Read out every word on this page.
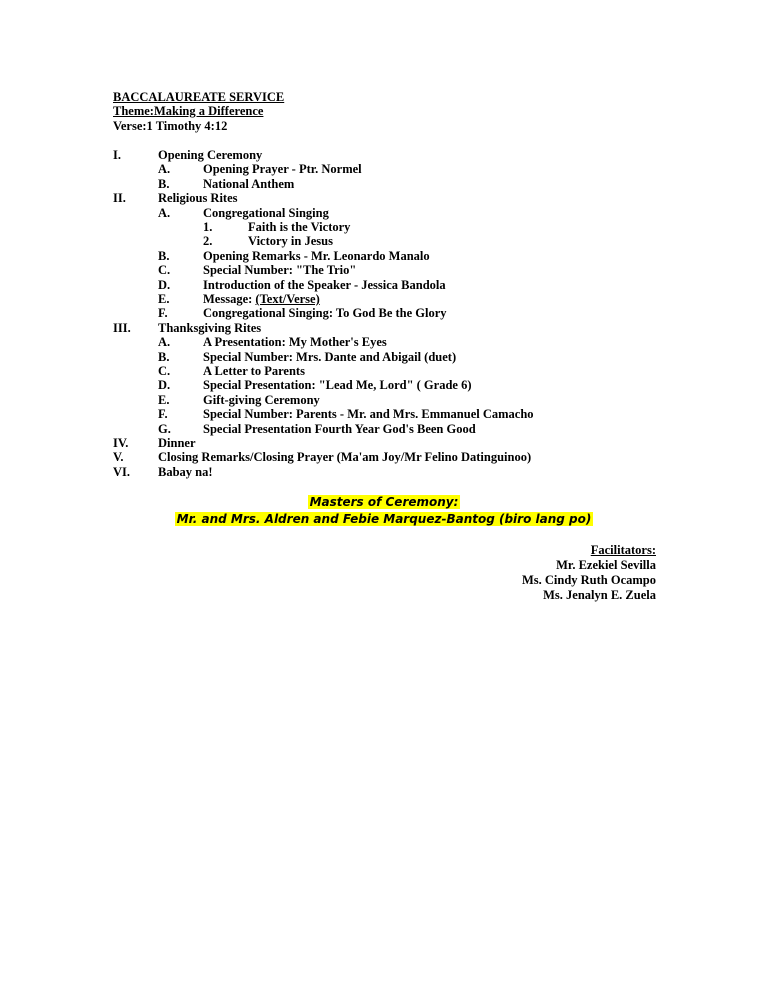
BACCALAUREATE SERVICE
Theme:Making a Difference
Verse:1 Timothy 4:12
I.	Opening Ceremony
A.	Opening Prayer - Ptr. Normel
B.	National Anthem
II.	Religious Rites
A.	Congregational Singing
1.	Faith is the Victory
2.	Victory in Jesus
B.	Opening Remarks - Mr. Leonardo Manalo
C.	Special Number: "The Trio"
D.	Introduction of the Speaker - Jessica Bandola
E.	Message: (Text/Verse)
F.	Congregational Singing: To God Be the Glory
III. Thanksgiving Rites
A.	A Presentation: My Mother's Eyes
B.	Special Number: Mrs. Dante and Abigail (duet)
C.	A Letter to Parents
D.	Special Presentation: "Lead Me, Lord" ( Grade 6)
E.	Gift-giving Ceremony
F.	Special Number: Parents - Mr. and Mrs. Emmanuel Camacho
G.	Special Presentation Fourth Year God's Been Good
IV. Dinner
V.	Closing Remarks/Closing Prayer (Ma'am Joy/Mr Felino Datinguinoo)
VI. Babay na!
Masters of Ceremony:
Mr. and Mrs. Aldren and Febie Marquez-Bantog (biro lang po)
Facilitators:
Mr. Ezekiel Sevilla
Ms. Cindy Ruth Ocampo
Ms. Jenalyn E. Zuela
